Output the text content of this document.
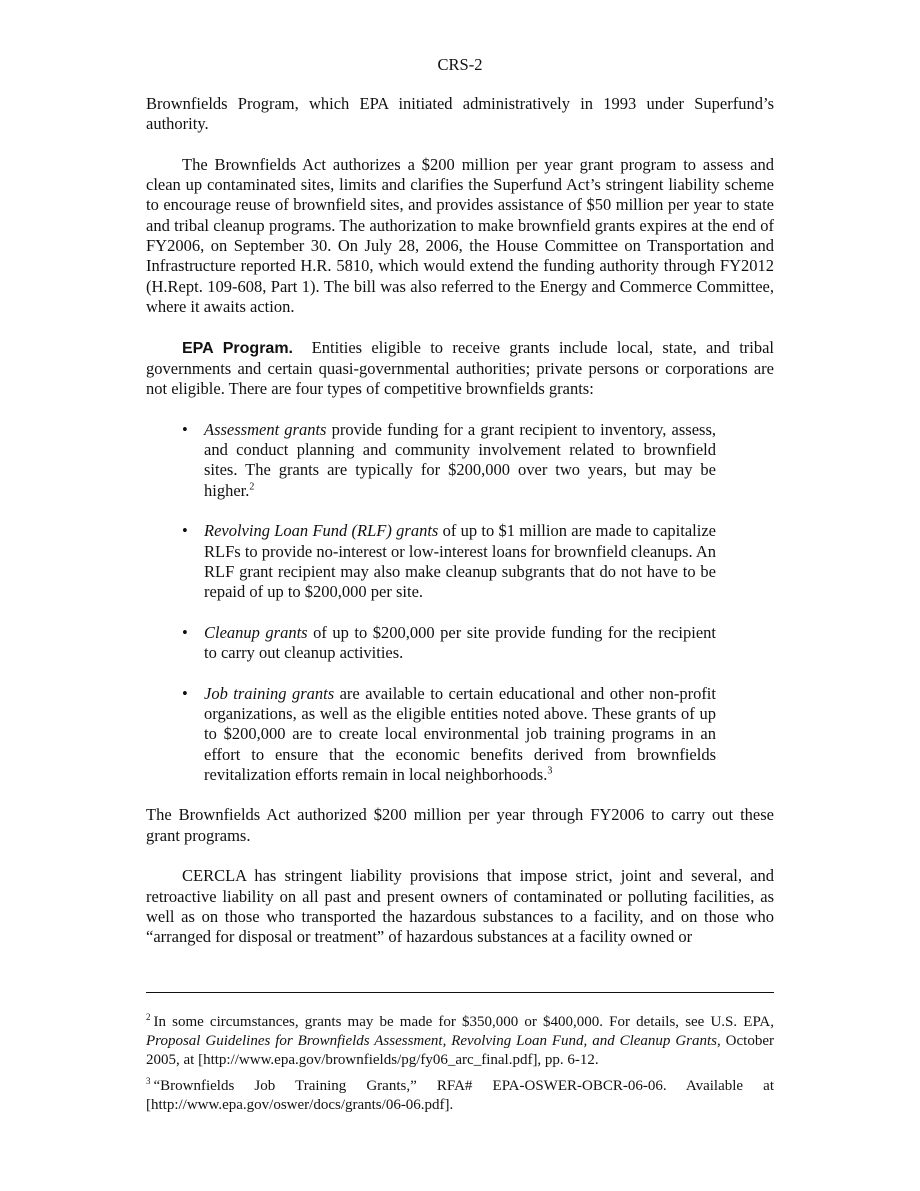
CRS-2

Brownfields Program, which EPA initiated administratively in 1993 under Superfund’s authority.

The Brownfields Act authorizes a $200 million per year grant program to assess and clean up contaminated sites, limits and clarifies the Superfund Act’s stringent liability scheme to encourage reuse of brownfield sites, and provides assistance of $50 million per year to state and tribal cleanup programs. The authorization to make brownfield grants expires at the end of FY2006, on September 30. On July 28, 2006, the House Committee on Transportation and Infrastructure reported H.R. 5810, which would extend the funding authority through FY2012 (H.Rept. 109-608, Part 1). The bill was also referred to the Energy and Commerce Committee, where it awaits action.

EPA Program. Entities eligible to receive grants include local, state, and tribal governments and certain quasi-governmental authorities; private persons or corporations are not eligible. There are four types of competitive brownfields grants:

• Assessment grants provide funding for a grant recipient to inventory, assess, and conduct planning and community involvement related to brownfield sites. The grants are typically for $200,000 over two years, but may be higher.$^2$
• Revolving Loan Fund (RLF) grants of up to $1 million are made to capitalize RLFs to provide no-interest or low-interest loans for brownfield cleanups. An RLF grant recipient may also make cleanup subgrants that do not have to be repaid of up to $200,000 per site.
• Cleanup grants of up to $200,000 per site provide funding for the recipient to carry out cleanup activities.
• Job training grants are available to certain educational and other non-profit organizations, as well as the eligible entities noted above. These grants of up to $200,000 are to create local environmental job training programs in an effort to ensure that the economic benefits derived from brownfields revitalization efforts remain in local neighborhoods.$^3$

The Brownfields Act authorized $200 million per year through FY2006 to carry out these grant programs.

CERCLA has stringent liability provisions that impose strict, joint and several, and retroactive liability on all past and present owners of contaminated or polluting facilities, as well as on those who transported the hazardous substances to a facility, and on those who “arranged for disposal or treatment” of hazardous substances at a facility owned or

$^2$ In some circumstances, grants may be made for $350,000 or $400,000. For details, see U.S. EPA, Proposal Guidelines for Brownfields Assessment, Revolving Loan Fund, and Cleanup Grants, October 2005, at [http://www.epa.gov/brownfields/pg/fy06_arc_final.pdf], pp. 6-12.

$^3$ “Brownfields Job Training Grants,” RFA# EPA-OSWER-OBCR-06-06. Available at [http://www.epa.gov/oswer/docs/grants/06-06.pdf].
